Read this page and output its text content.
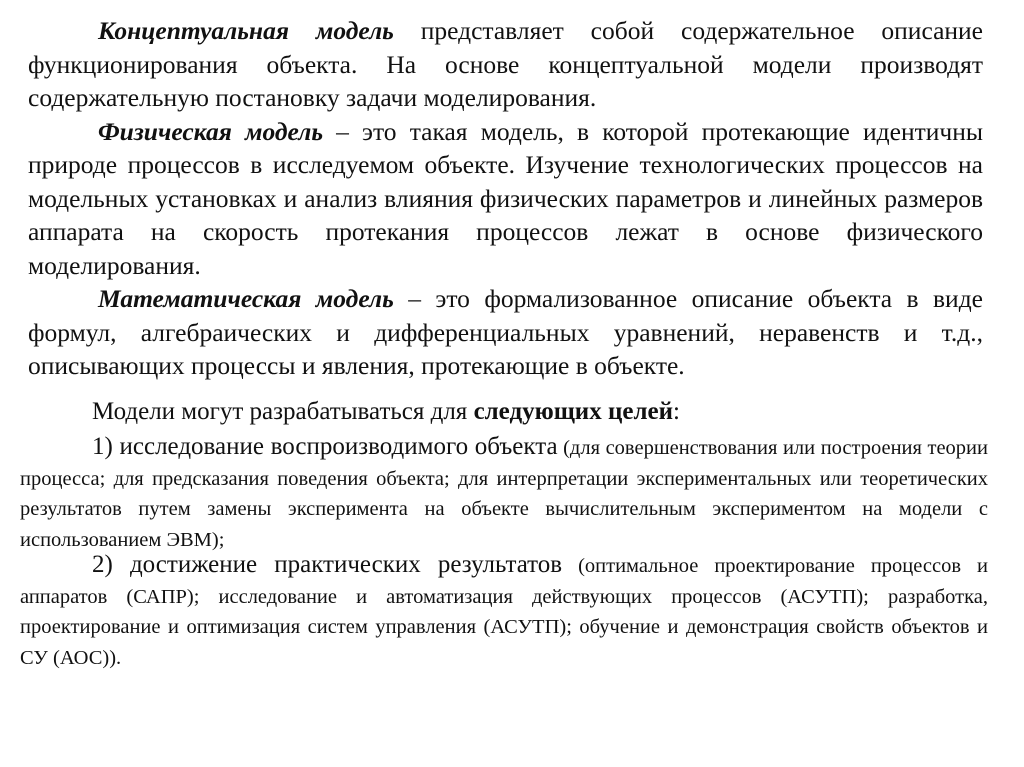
Концептуальная модель представляет собой содержательное описание функционирования объекта. На основе концептуальной модели производят содержательную постановку задачи моделирования.

Физическая модель – это такая модель, в которой протекающие идентичны природе процессов в исследуемом объекте. Изучение технологических процессов на модельных установках и анализ влияния физических параметров и линейных размеров аппарата на скорость протекания процессов лежат в основе физического моделирования.

Математическая модель – это формализованное описание объекта в виде формул, алгебраических и дифференциальных уравнений, неравенств и т.д., описывающих процессы и явления, протекающие в объекте.

Модели могут разрабатываться для следующих целей:

1) исследование воспроизводимого объекта (для совершенствования или построения теории процесса; для предсказания поведения объекта; для интерпретации экспериментальных или теоретических результатов путем замены эксперимента на объекте вычислительным экспериментом на модели с использованием ЭВМ);

2) достижение практических результатов (оптимальное проектирование процессов и аппаратов (САПР); исследование и автоматизация действующих процессов (АСУТП); разработка, проектирование и оптимизация систем управления (АСУТП); обучение и демонстрация свойств объектов и СУ (АОС)).
